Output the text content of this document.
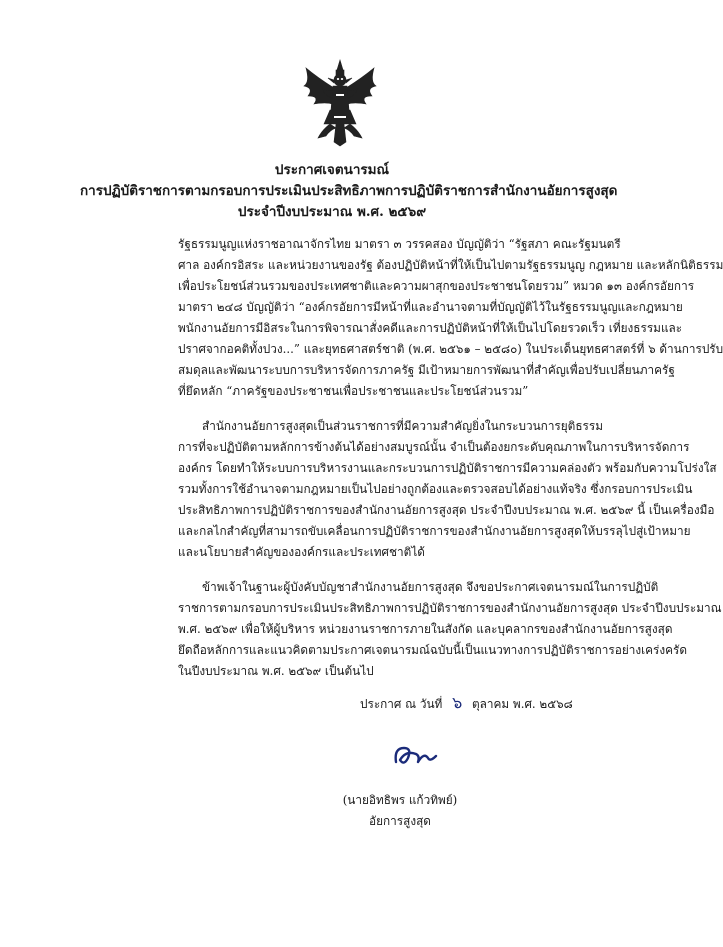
ประกาศเจตนารมณ์
การปฏิบัติราชการตามกรอบการประเมินประสิทธิภาพการปฏิบัติราชการสำนักงานอัยการสูงสุด
ประจำปีงบประมาณ พ.ศ. ๒๕๖๙

รัฐธรรมนูญแห่งราชอาณาจักรไทย มาตรา ๓ วรรคสอง บัญญัติว่า “รัฐสภา คณะรัฐมนตรี
ศาล องค์กรอิสระ และหน่วยงานของรัฐ ต้องปฏิบัติหน้าที่ให้เป็นไปตามรัฐธรรมนูญ กฎหมาย และหลักนิติธรรม
เพื่อประโยชน์ส่วนรวมของประเทศชาติและความผาสุกของประชาชนโดยรวม” หมวด ๑๓ องค์กรอัยการ
มาตรา ๒๔๘ บัญญัติว่า “องค์กรอัยการมีหน้าที่และอำนาจตามที่บัญญัติไว้ในรัฐธรรมนูญและกฎหมาย
พนักงานอัยการมีอิสระในการพิจารณาสั่งคดีและการปฏิบัติหน้าที่ให้เป็นไปโดยรวดเร็ว เที่ยงธรรมและ
ปราศจากอคติทั้งปวง...” และยุทธศาสตร์ชาติ (พ.ศ. ๒๕๖๑ – ๒๕๘๐) ในประเด็นยุทธศาสตร์ที่ ๖ ด้านการปรับ
สมดุลและพัฒนาระบบการบริหารจัดการภาครัฐ มีเป้าหมายการพัฒนาที่สำคัญเพื่อปรับเปลี่ยนภาครัฐ
ที่ยึดหลัก “ภาครัฐของประชาชนเพื่อประชาชนและประโยชน์ส่วนรวม”

สำนักงานอัยการสูงสุดเป็นส่วนราชการที่มีความสำคัญยิ่งในกระบวนการยุติธรรม
การที่จะปฏิบัติตามหลักการข้างต้นได้อย่างสมบูรณ์นั้น จำเป็นต้องยกระดับคุณภาพในการบริหารจัดการ
องค์กร โดยทำให้ระบบการบริหารงานและกระบวนการปฏิบัติราชการมีความคล่องตัว พร้อมกับความโปร่งใส
รวมทั้งการใช้อำนาจตามกฎหมายเป็นไปอย่างถูกต้องและตรวจสอบได้อย่างแท้จริง ซึ่งกรอบการประเมิน
ประสิทธิภาพการปฏิบัติราชการของสำนักงานอัยการสูงสุด ประจำปีงบประมาณ พ.ศ. ๒๕๖๙ นี้ เป็นเครื่องมือ
และกลไกสำคัญที่สามารถขับเคลื่อนการปฏิบัติราชการของสำนักงานอัยการสูงสุดให้บรรลุไปสู่เป้าหมาย
และนโยบายสำคัญขององค์กรและประเทศชาติได้

ข้าพเจ้าในฐานะผู้บังคับบัญชาสำนักงานอัยการสูงสุด จึงขอประกาศเจตนารมณ์ในการปฏิบัติ
ราชการตามกรอบการประเมินประสิทธิภาพการปฏิบัติราชการของสำนักงานอัยการสูงสุด ประจำปีงบประมาณ
พ.ศ. ๒๕๖๙ เพื่อให้ผู้บริหาร หน่วยงานราชการภายในสังกัด และบุคลากรของสำนักงานอัยการสูงสุด
ยึดถือหลักการและแนวคิดตามประกาศเจตนารมณ์ฉบับนี้เป็นแนวทางการปฏิบัติราชการอย่างเคร่งครัด
ในปีงบประมาณ พ.ศ. ๒๕๖๙ เป็นต้นไป

ประกาศ ณ วันที่ ๖ ตุลาคม พ.ศ. ๒๕๖๘
(นายอิทธิพร แก้วทิพย์)
อัยการสูงสุด
